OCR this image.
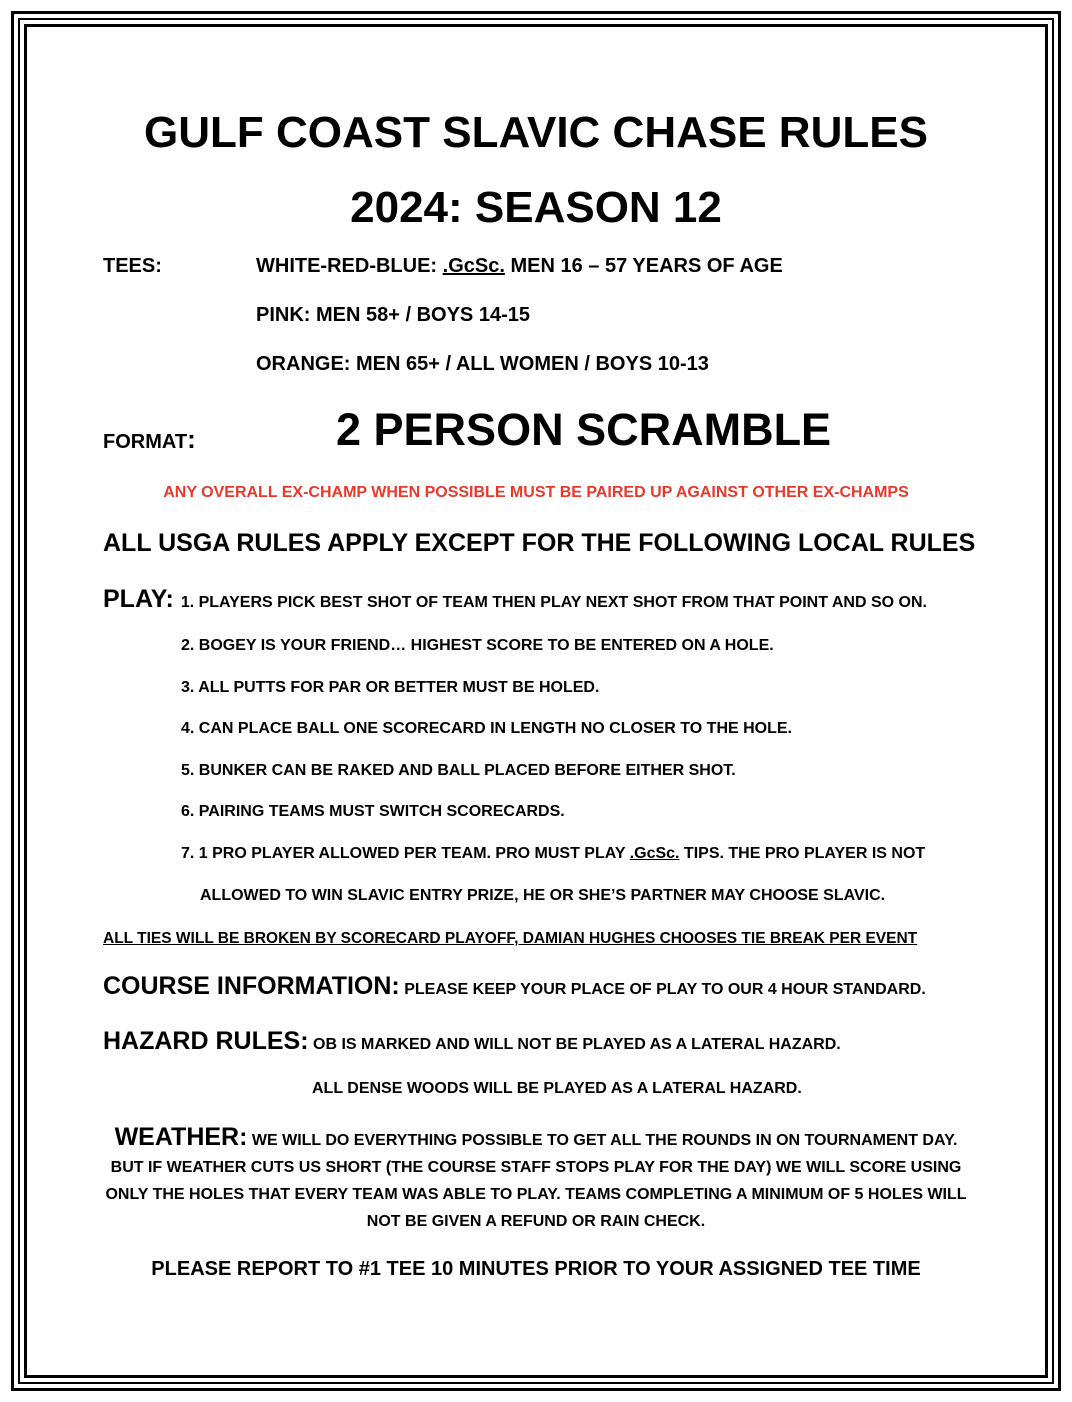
GULF COAST SLAVIC CHASE RULES
2024: SEASON 12
TEES:	WHITE-RED-BLUE: .GcSc. MEN 16 – 57 YEARS OF AGE
PINK: MEN 58+ / BOYS 14-15
ORANGE: MEN 65+ / ALL WOMEN / BOYS 10-13
FORMAT:	2 PERSON SCRAMBLE
ANY OVERALL EX-CHAMP WHEN POSSIBLE MUST BE PAIRED UP AGAINST OTHER EX-CHAMPS
ALL USGA RULES APPLY EXCEPT FOR THE FOLLOWING LOCAL RULES
PLAY: 1. PLAYERS PICK BEST SHOT OF TEAM THEN PLAY NEXT SHOT FROM THAT POINT AND SO ON.
2. BOGEY IS YOUR FRIEND… HIGHEST SCORE TO BE ENTERED ON A HOLE.
3. ALL PUTTS FOR PAR OR BETTER MUST BE HOLED.
4. CAN PLACE BALL ONE SCORECARD IN LENGTH NO CLOSER TO THE HOLE.
5. BUNKER CAN BE RAKED AND BALL PLACED BEFORE EITHER SHOT.
6. PAIRING TEAMS MUST SWITCH SCORECARDS.
7. 1 PRO PLAYER ALLOWED PER TEAM. PRO MUST PLAY .GcSc. TIPS. THE PRO PLAYER IS NOT
ALLOWED TO WIN SLAVIC ENTRY PRIZE, HE OR SHE’S PARTNER MAY CHOOSE SLAVIC.
ALL TIES WILL BE BROKEN BY SCORECARD PLAYOFF, DAMIAN HUGHES CHOOSES TIE BREAK PER EVENT
COURSE INFORMATION: PLEASE KEEP YOUR PLACE OF PLAY TO OUR 4 HOUR STANDARD.
HAZARD RULES: OB IS MARKED AND WILL NOT BE PLAYED AS A LATERAL HAZARD.
ALL DENSE WOODS WILL BE PLAYED AS A LATERAL HAZARD.
WEATHER: WE WILL DO EVERYTHING POSSIBLE TO GET ALL THE ROUNDS IN ON TOURNAMENT DAY. BUT IF WEATHER CUTS US SHORT (THE COURSE STAFF STOPS PLAY FOR THE DAY) WE WILL SCORE USING ONLY THE HOLES THAT EVERY TEAM WAS ABLE TO PLAY. TEAMS COMPLETING A MINIMUM OF 5 HOLES WILL NOT BE GIVEN A REFUND OR RAIN CHECK.
PLEASE REPORT TO #1 TEE 10 MINUTES PRIOR TO YOUR ASSIGNED TEE TIME
